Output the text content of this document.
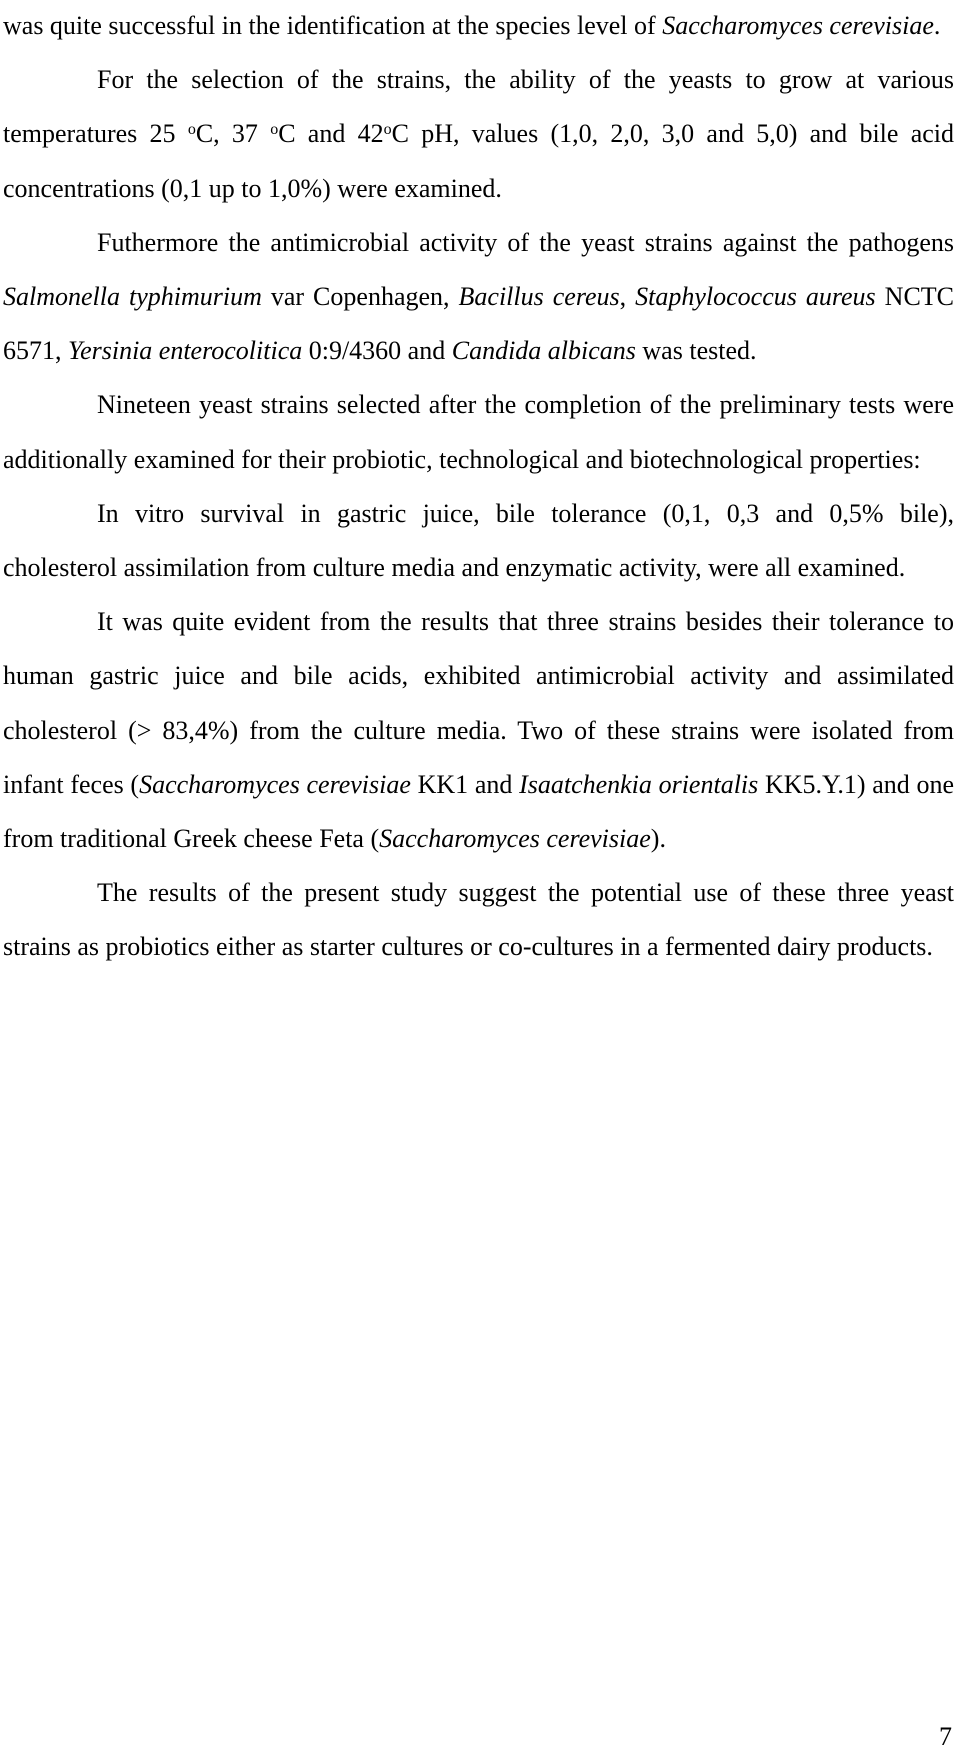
was quite successful in the identification at the species level of Saccharomyces cerevisiae.

For the selection of the strains, the ability of the yeasts to grow at various temperatures 25 $^o$C, 37 $^o$C and 42$^o$C pH, values (1,0, 2,0, 3,0 and 5,0) and bile acid concentrations (0,1 up to 1,0%) were examined.

Futhermore the antimicrobial activity of the yeast strains against the pathogens Salmonella typhimurium var Copenhagen, Bacillus cereus, Staphylococcus aureus NCTC 6571, Yersinia enterocolitica 0:9/4360 and Candida albicans was tested.

Nineteen yeast strains selected after the completion of the preliminary tests were additionally examined for their probiotic, technological and biotechnological properties:

In vitro survival in gastric juice, bile tolerance (0,1, 0,3 and 0,5% bile), cholesterol assimilation from culture media and enzymatic activity, were all examined.

It was quite evident from the results that three strains besides their tolerance to human gastric juice and bile acids, exhibited antimicrobial activity and assimilated cholesterol (> 83,4%) from the culture media. Two of these strains were isolated from infant feces (Saccharomyces cerevisiae KK1 and Isaatchenkia orientalis KK5.Y.1) and one from traditional Greek cheese Feta (Saccharomyces cerevisiae).

The results of the present study suggest the potential use of these three yeast strains as probiotics either as starter cultures or co-cultures in a fermented dairy products.

7
